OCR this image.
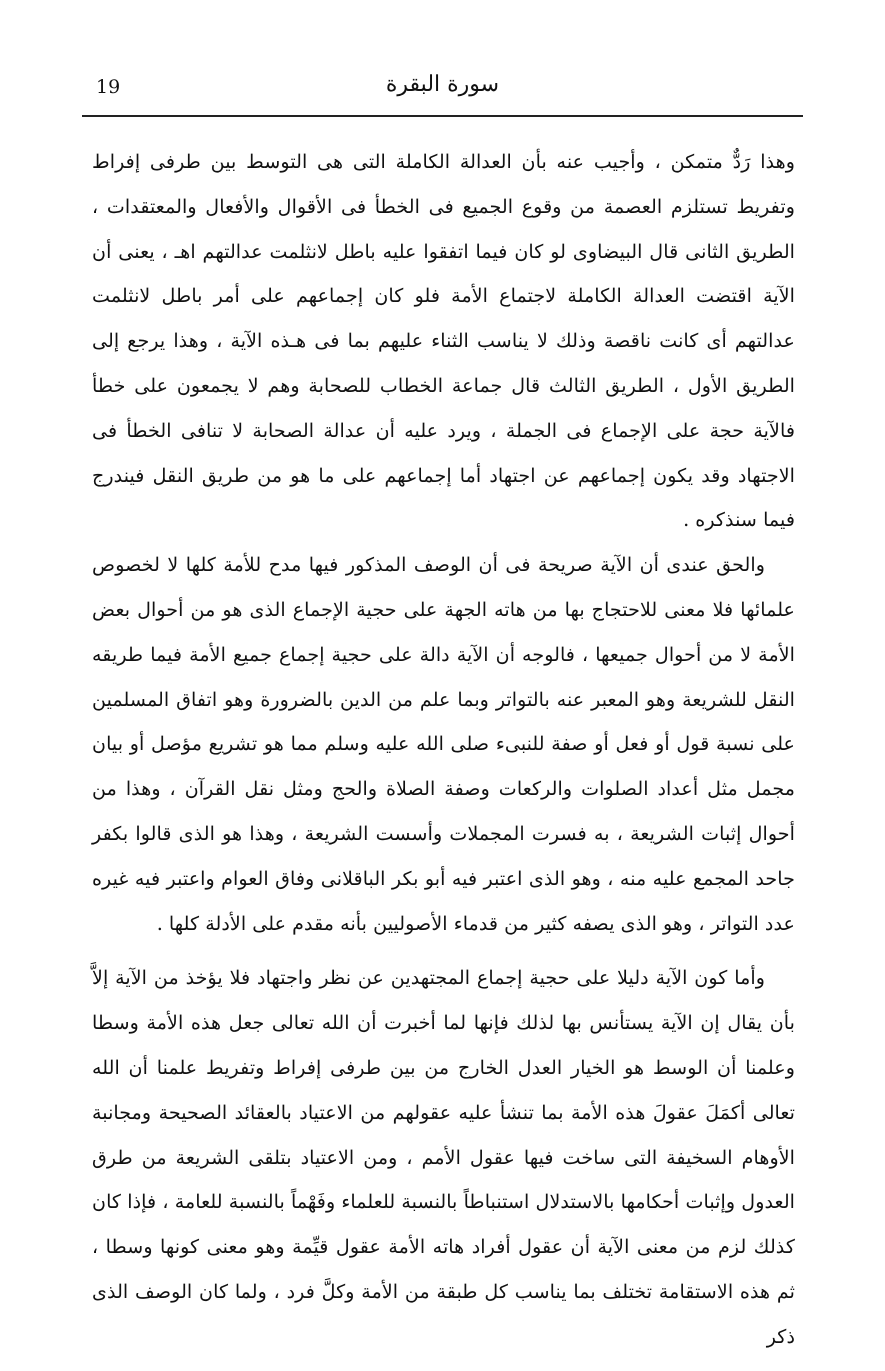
19	سورة البقرة

وهذا رَدٌّ متمكن ، وأجيب عنه بأن العدالة الكاملة التى هى التوسط بين طرفى إفراط وتفريط تستلزم العصمة من وقوع الجميع فى الخطأ فى الأقوال والأفعال والمعتقدات ، الطريق الثانى قال البيضاوى لو كان فيما اتفقوا عليه باطل لانثلمت عدالتهم اهـ ، يعنى أن الآية اقتضت العدالة الكاملة لاجتماع الأمة فلو كان إجماعهم على أمر باطل لانثلمت عدالتهم أى كانت ناقصة وذلك لا يناسب الثناء عليهم بما فى هـذه الآية ، وهذا يرجع إلى الطريق الأول ، الطريق الثالث قال جماعة الخطاب للصحابة وهم لا يجمعون على خطأ فالآية حجة على الإجماع فى الجملة ، ويرد عليه أن عدالة الصحابة لا تنافى الخطأ فى الاجتهاد وقد يكون إجماعهم عن اجتهاد أما إجماعهم على ما هو من طريق النقل فيندرج فيما سنذكره .

والحق عندى أن الآية صريحة فى أن الوصف المذكور فيها مدح للأمة كلها لا لخصوص علمائها فلا معنى للاحتجاج بها من هاته الجهة على حجية الإجماع الذى هو من أحوال بعض الأمة لا من أحوال جميعها ، فالوجه أن الآية دالة على حجية إجماع جميع الأمة فيما طريقه النقل للشريعة وهو المعبر عنه بالتواتر وبما علم من الدين بالضرورة وهو اتفاق المسلمين على نسبة قول أو فعل أو صفة للنبىء صلى الله عليه وسلم مما هو تشريع مؤصل أو بيان مجمل مثل أعداد الصلوات والركعات وصفة الصلاة والحج ومثل نقل القرآن ، وهذا من أحوال إثبات الشريعة ، به فسرت المجملات وأسست الشريعة ، وهذا هو الذى قالوا بكفر جاحد المجمع عليه منه ، وهو الذى اعتبر فيه أبو بكر الباقلانى وفاق العوام واعتبر فيه غيره عدد التواتر ، وهو الذى يصفه كثير من قدماء الأصوليين بأنه مقدم على الأدلة كلها .

وأما كون الآية دليلا على حجية إجماع المجتهدين عن نظر واجتهاد فلا يؤخذ من الآية إلاَّ بأن يقال إن الآية يستأنس بها لذلك فإنها لما أخبرت أن الله تعالى جعل هذه الأمة وسطا وعلمنا أن الوسط هو الخيار العدل الخارج من بين طرفى إفراط وتفريط علمنا أن الله تعالى أكمَلَ عقولَ هذه الأمة بما تنشأ عليه عقولهم من الاعتياد بالعقائد الصحيحة ومجانبة الأوهام السخيفة التى ساخت فيها عقول الأمم ، ومن الاعتياد بتلقى الشريعة من طرق العدول وإثبات أحكامها بالاستدلال استنباطاً بالنسبة للعلماء وفَهْماً بالنسبة للعامة ، فإذا كان كذلك لزم من معنى الآية أن عقول أفراد هاته الأمة عقول قيِّمة وهو معنى كونها وسطا ، ثم هذه الاستقامة تختلف بما يناسب كل طبقة من الأمة وكلَّ فرد ، ولما كان الوصف الذى ذكر
